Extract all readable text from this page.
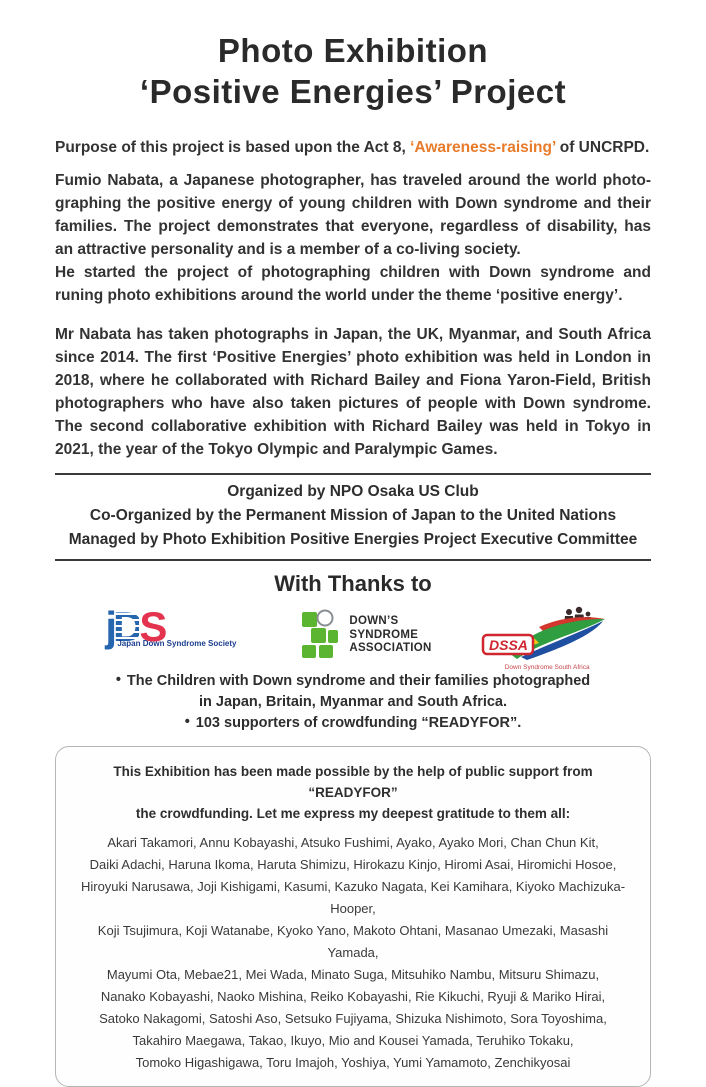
Photo Exhibition
‘Positive Energies’ Project

Purpose of this project is based upon the Act 8, ‘Awareness-raising’ of UNCRPD.

Fumio Nabata, a Japanese photographer, has traveled around the world photo-
graphing the positive energy of young children with Down syndrome and their
families. The project demonstrates that everyone, regardless of disability, has
an attractive personality and is a member of a co-living society.
He started the project of photographing children with Down syndrome and
runing photo exhibitions around the world under the theme ‘positive energy’.
Mr Nabata has taken photographs in Japan, the UK, Myanmar, and South Africa
since 2014. The first ‘Positive Energies’ photo exhibition was held in London in
2018, where he collaborated with Richard Bailey and Fiona Yaron-Field, British
photographers who have also taken pictures of people with Down syndrome.
The second collaborative exhibition with Richard Bailey was held in Tokyo in
2021, the year of the Tokyo Olympic and Paralympic Games.
Organized by NPO Osaka US Club
Co-Organized by the Permanent Mission of Japan to the United Nations
Managed by Photo Exhibition Positive Energies Project Executive Committee
With Thanks to
jDS
Japan Down Syndrome Society
DOWN’S
SYNDROME
ASSOCIATION	DSSA
Down Syndrome South Africa
• The Children with Down syndrome and their families photographed
in Japan, Britain, Myanmar and South Africa.
• 103 supporters of crowdfunding “READYFOR”.
This Exhibition has been made possible by the help of public support from “READYFOR”
the crowdfunding. Let me express my deepest gratitude to them all:
Akari Takamori, Annu Kobayashi, Atsuko Fushimi, Ayako, Ayako Mori, Chan Chun Kit,
Daiki Adachi, Haruna Ikoma, Haruta Shimizu, Hirokazu Kinjo, Hiromi Asai, Hiromichi Hosoe,
Hiroyuki Narusawa, Joji Kishigami, Kasumi, Kazuko Nagata, Kei Kamihara, Kiyoko Machizuka-Hooper,
Koji Tsujimura, Koji Watanabe, Kyoko Yano, Makoto Ohtani, Masanao Umezaki, Masashi Yamada,
Mayumi Ota, Mebae21, Mei Wada, Minato Suga, Mitsuhiko Nambu, Mitsuru Shimazu,
Nanako Kobayashi, Naoko Mishina, Reiko Kobayashi, Rie Kikuchi, Ryuji & Mariko Hirai,
Satoko Nakagomi, Satoshi Aso, Setsuko Fujiyama, Shizuka Nishimoto, Sora Toyoshima,
Takahiro Maegawa, Takao, Ikuyo, Mio and Kousei Yamada, Teruhiko Tokaku,
Tomoko Higashigawa, Toru Imajoh, Yoshiya, Yumi Yamamoto, Zenchikyosai
